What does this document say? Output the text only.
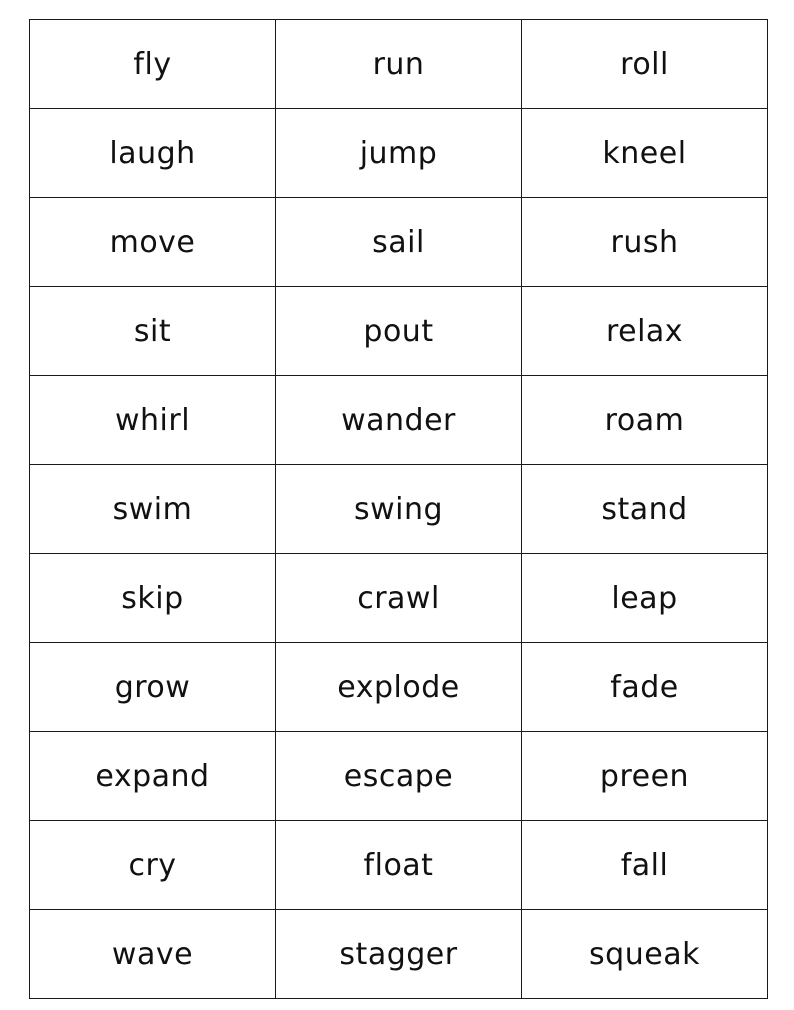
fly	run	roll
laugh	jump	kneel
move	sail	rush
sit	pout	relax
whirl	wander	roam
swim	swing	stand
skip	crawl	leap
grow	explode	fade
expand	escape	preen
cry	float	fall
wave	stagger	squeak
